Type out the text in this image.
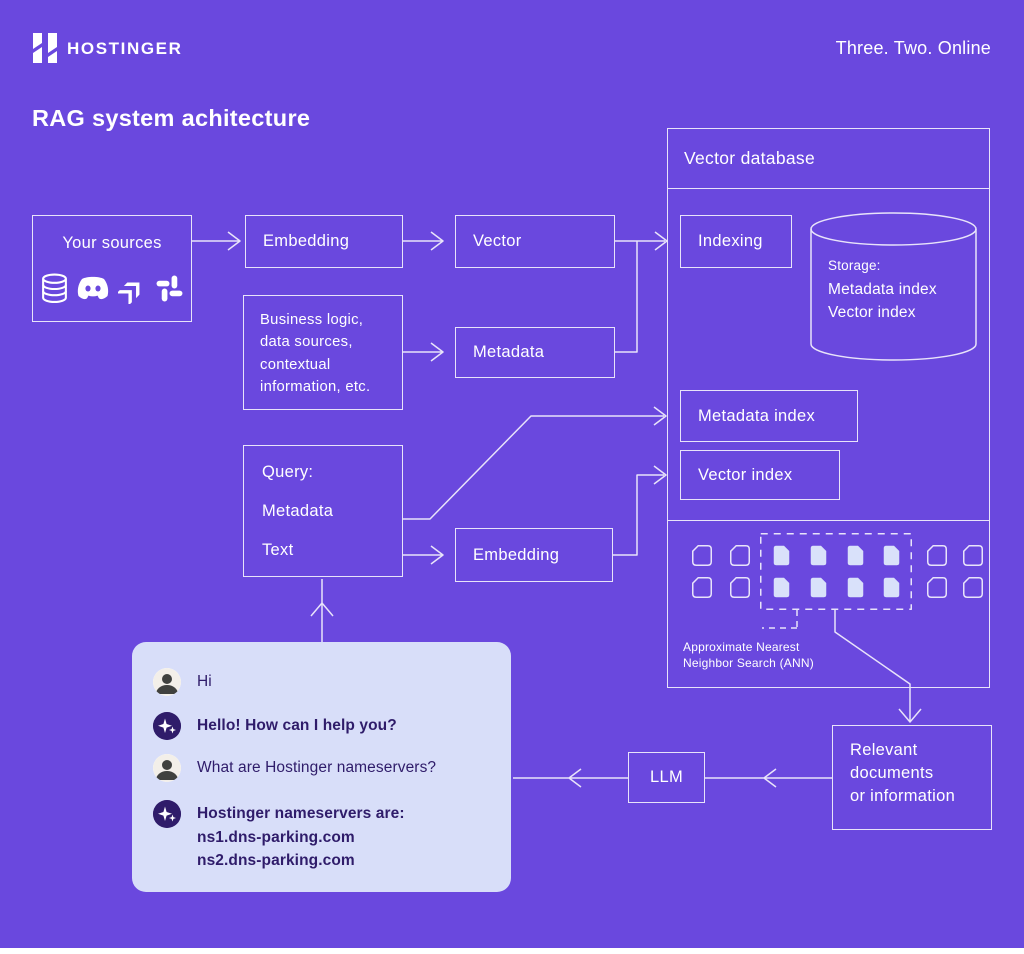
HOSTINGER	Three. Two. Online
RAG system achitecture
Your sources	Embedding	Vector
Business logic,
data sources,
contextual
information, etc.
Metadata
Query:
Metadata
Text	Embedding
Vector database
Indexing
Metadata index
Vector index
Storage:
Metadata index
Vector index
Approximate Nearest
Neighbor Search (ANN)
Relevant
documents
or information
LLM
Hi
Hello! How can I help you?
What are Hostinger nameservers?
Hostinger nameservers are:
ns1.dns-parking.com
ns2.dns-parking.com
